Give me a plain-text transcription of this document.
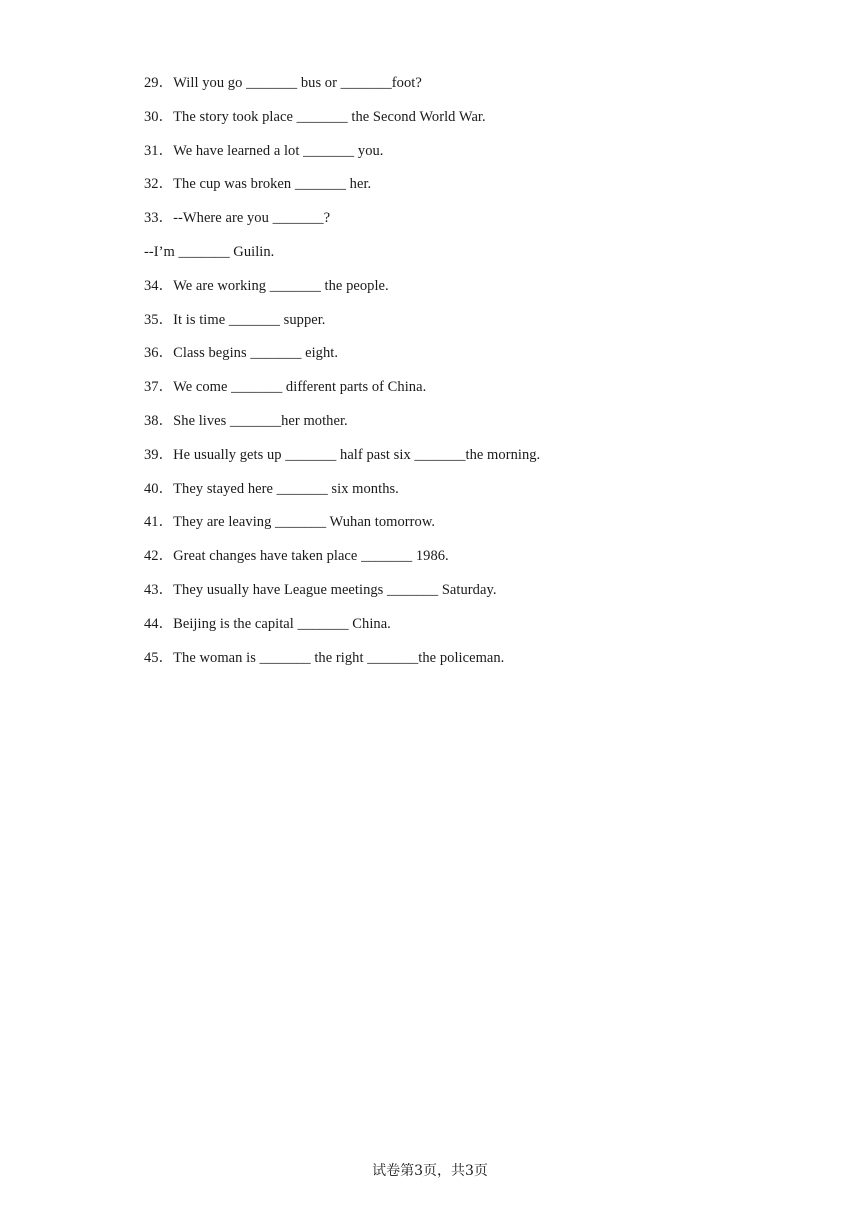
29．Will you go _______ bus or _______foot?
30．The story took place _______ the Second World War.
31．We have learned a lot _______ you.
32．The cup was broken _______ her.
33．--Where are you _______?
--I’m _______ Guilin.
34．We are working _______ the people.
35．It is time _______ supper.
36．Class begins _______ eight.
37．We come _______ different parts of China.
38．She lives _______her mother.
39．He usually gets up _______ half past six _______the morning.
40．They stayed here _______ six months.
41．They are leaving _______ Wuhan tomorrow.
42．Great changes have taken place _______ 1986.
43．They usually have League meetings _______ Saturday.
44．Beijing is the capital _______ China.
45．The woman is _______ the right _______the policeman.
试卷第3页，共3页
